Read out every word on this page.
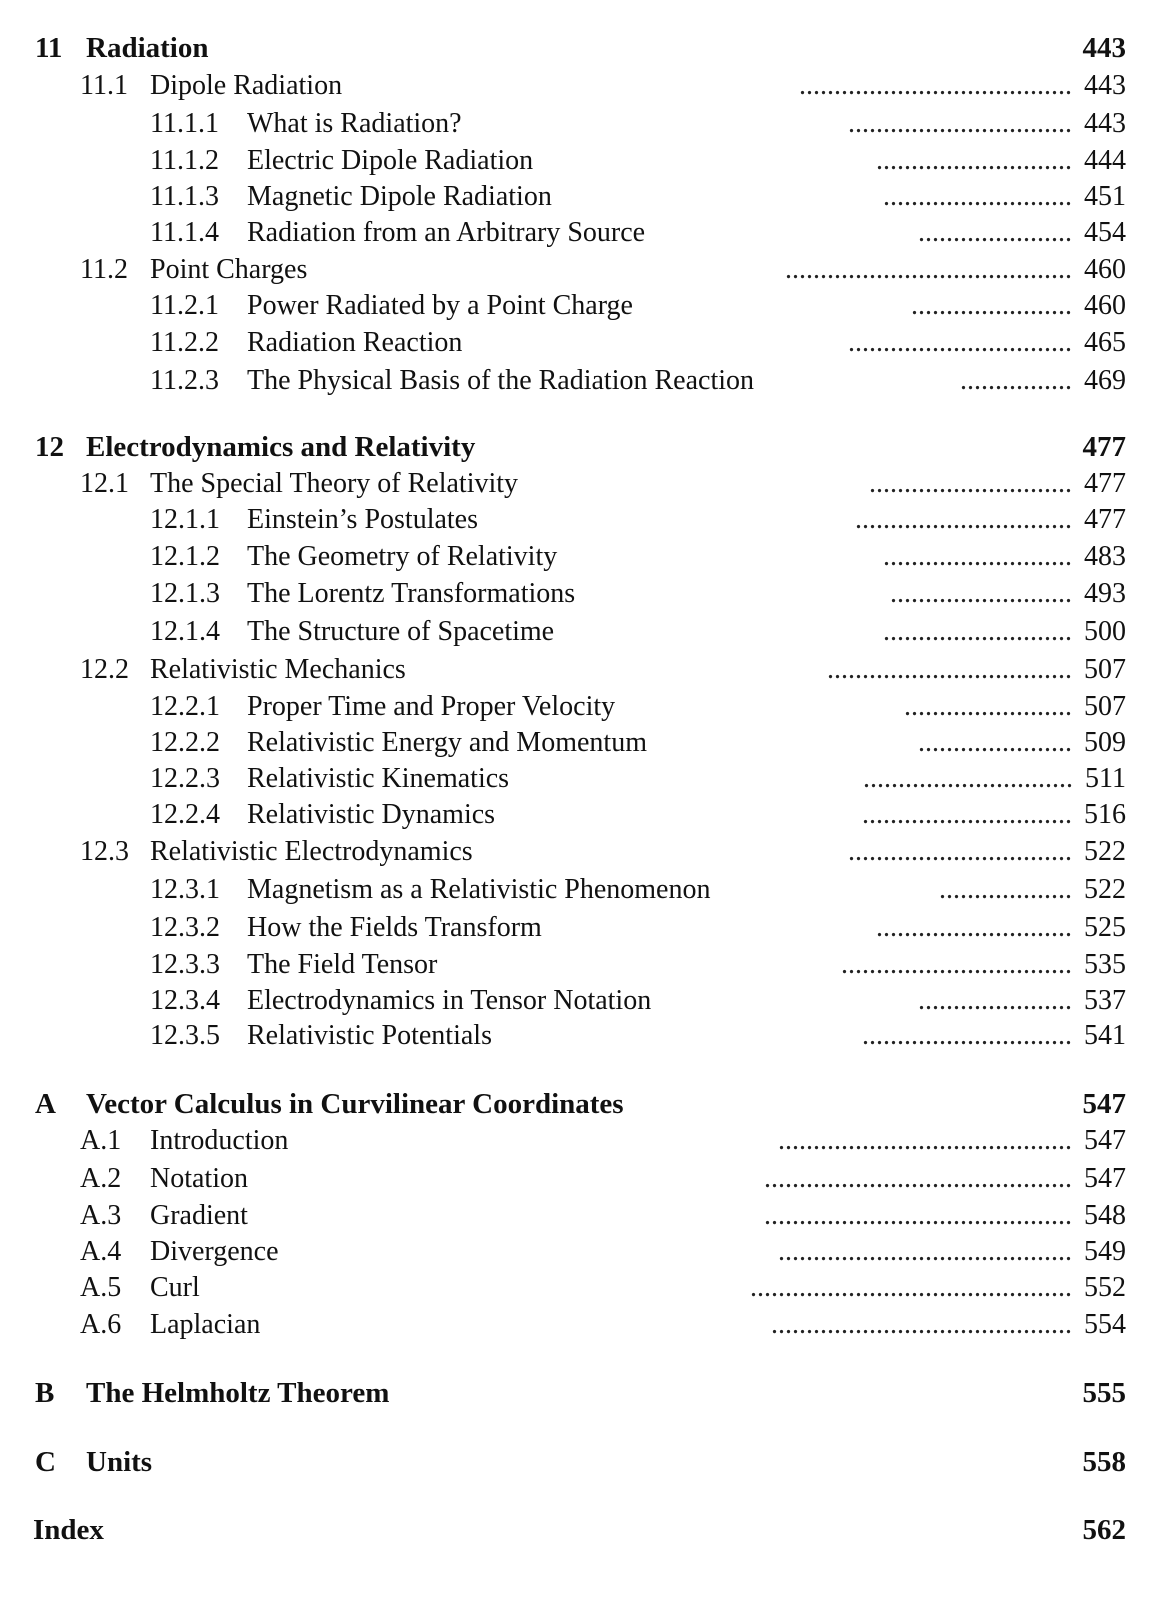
11 Radiation	443
11.1 Dipole Radiation	....................................... 443
11.1.1 What is Radiation?	................................ 443
11.1.2 Electric Dipole Radiation	............................ 444
11.1.3 Magnetic Dipole Radiation	........................... 451
11.1.4 Radiation from an Arbitrary Source	...................... 454
11.2 Point Charges	......................................... 460
11.2.1 Power Radiated by a Point Charge	....................... 460
11.2.2 Radiation Reaction	................................ 465
11.2.3 The Physical Basis of the Radiation Reaction	................ 469
12 Electrodynamics and Relativity	477
12.1 The Special Theory of Relativity	............................. 477
12.1.1 Einstein’s Postulates	............................... 477
12.1.2 The Geometry of Relativity	........................... 483
12.1.3 The Lorentz Transformations	.......................... 493
12.1.4 The Structure of Spacetime	........................... 500
12.2 Relativistic Mechanics	................................... 507
12.2.1 Proper Time and Proper Velocity	........................ 507
12.2.2 Relativistic Energy and Momentum	...................... 509
12.2.3 Relativistic Kinematics	.............................. 511
12.2.4 Relativistic Dynamics	.............................. 516
12.3 Relativistic Electrodynamics	................................ 522
12.3.1 Magnetism as a Relativistic Phenomenon	................... 522
12.3.2 How the Fields Transform	............................ 525
12.3.3 The Field Tensor	................................. 535
12.3.4 Electrodynamics in Tensor Notation	...................... 537
12.3.5 Relativistic Potentials	.............................. 541
A Vector Calculus in Curvilinear Coordinates	547
A.1 Introduction	.......................................... 547
A.2 Notation	............................................ 547
A.3 Gradient	............................................ 548
A.4 Divergence	.......................................... 549
A.5 Curl	.............................................. 552
A.6 Laplacian	........................................... 554
B The Helmholtz Theorem	555
C Units	558
Index	562
